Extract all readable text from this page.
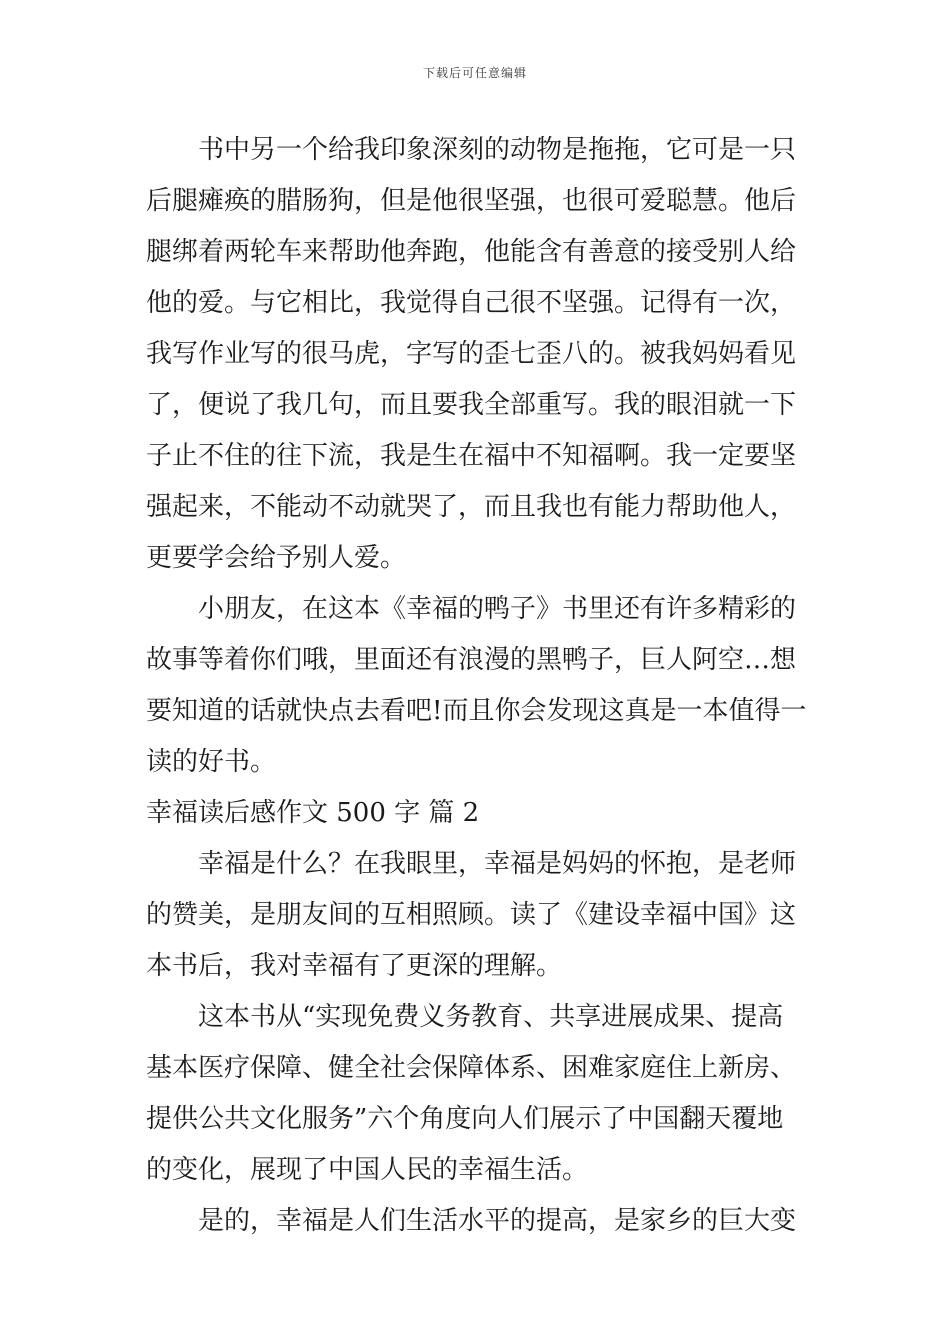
下载后可任意编辑
书中另一个给我印象深刻的动物是拖拖，它可是一只
后腿瘫痪的腊肠狗，但是他很坚强，也很可爱聪慧。他后
腿绑着两轮车来帮助他奔跑，他能含有善意的接受别人给
他的爱。与它相比，我觉得自己很不坚强。记得有一次，
我写作业写的很马虎，字写的歪七歪八的。被我妈妈看见
了，便说了我几句，而且要我全部重写。我的眼泪就一下
子止不住的往下流，我是生在福中不知福啊。我一定要坚
强起来，不能动不动就哭了，而且我也有能力帮助他人，
更要学会给予别人爱。
小朋友，在这本《幸福的鸭子》书里还有许多精彩的
故事等着你们哦，里面还有浪漫的黑鸭子，巨人阿空…想
要知道的话就快点去看吧!而且你会发现这真是一本值得一
读的好书。
幸福读后感作文 500 字 篇 2
幸福是什么？在我眼里，幸福是妈妈的怀抱，是老师
的赞美，是朋友间的互相照顾。读了《建设幸福中国》这
本书后，我对幸福有了更深的理解。
这本书从“实现免费义务教育、共享进展成果、提高
基本医疗保障、健全社会保障体系、困难家庭住上新房、
提供公共文化服务”六个角度向人们展示了中国翻天覆地
的变化，展现了中国人民的幸福生活。
是的，幸福是人们生活水平的提高，是家乡的巨大变
